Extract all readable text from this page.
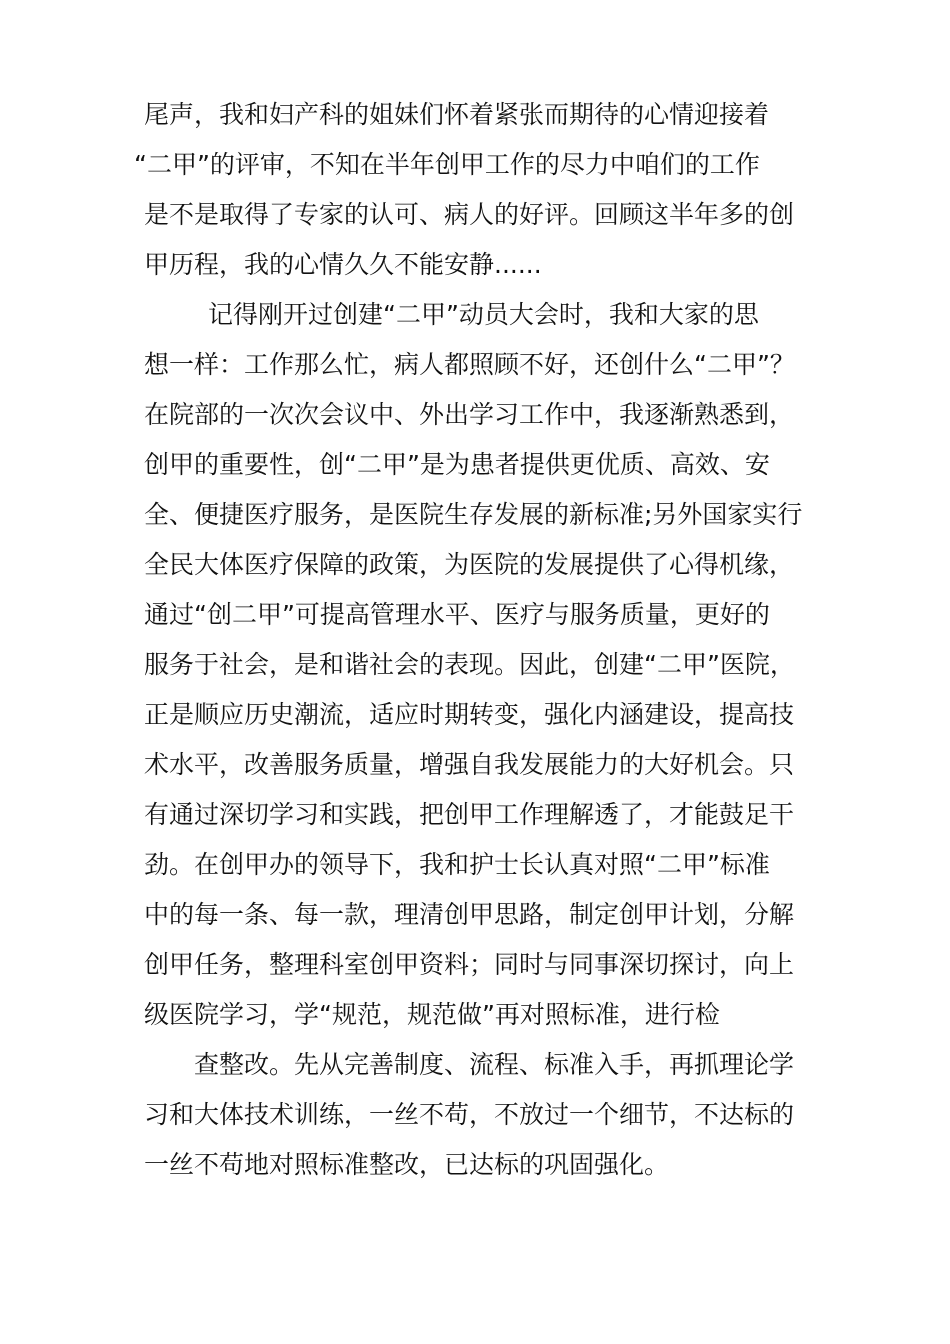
尾声，我和妇产科的姐妹们怀着紧张而期待的心情迎接着
“二甲”的评审，不知在半年创甲工作的尽力中咱们的工作
是不是取得了专家的认可、病人的好评。回顾这半年多的创
甲历程，我的心情久久不能安静......
记得刚开过创建“二甲”动员大会时，我和大家的思
想一样：工作那么忙，病人都照顾不好，还创什么“二甲”？
在院部的一次次会议中、外出学习工作中，我逐渐熟悉到，
创甲的重要性，创“二甲”是为患者提供更优质、高效、安
全、便捷医疗服务，是医院生存发展的新标准;另外国家实行
全民大体医疗保障的政策，为医院的发展提供了心得机缘，
通过“创二甲”可提高管理水平、医疗与服务质量，更好的
服务于社会，是和谐社会的表现。因此，创建“二甲”医院，
正是顺应历史潮流，适应时期转变，强化内涵建设，提高技
术水平，改善服务质量，增强自我发展能力的大好机会。只
有通过深切学习和实践，把创甲工作理解透了，才能鼓足干
劲。在创甲办的领导下，我和护士长认真对照“二甲”标准
中的每一条、每一款，理清创甲思路，制定创甲计划，分解
创甲任务，整理科室创甲资料；同时与同事深切探讨，向上
级医院学习，学“规范，规范做”再对照标准，进行检
查整改。先从完善制度、流程、标准入手，再抓理论学
习和大体技术训练，一丝不苟，不放过一个细节，不达标的
一丝不苟地对照标准整改，已达标的巩固强化。
